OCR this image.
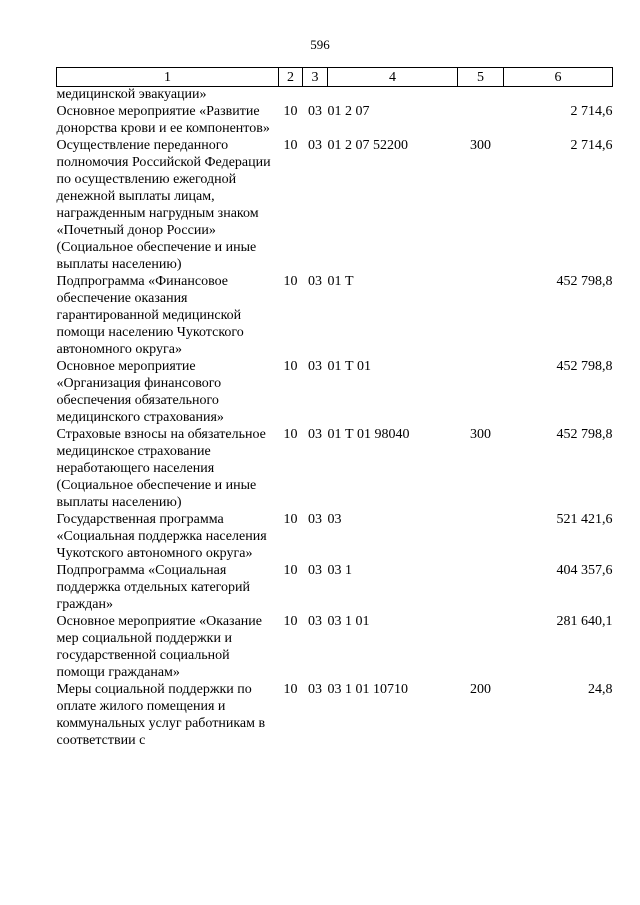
596
1	2	3	4	5	6
медицинской эвакуации»					
Основное мероприятие «Развитие донорства крови и ее компонентов»	10	03	01 2 07		2 714,6
Осуществление переданного полномочия Российской Федерации по осуществлению ежегодной денежной выплаты лицам, награжденным нагрудным знаком «Почетный донор России» (Социальное обеспечение и иные выплаты населению)	10	03	01 2 07 52200	300	2 714,6
Подпрограмма «Финансовое обеспечение оказания гарантированной медицинской помощи населению Чукотского автономного округа»	10	03	01 Т		452 798,8
Основное мероприятие «Организация финансового обеспечения обязательного медицинского страхования»	10	03	01 Т 01		452 798,8
Страховые взносы на обязательное медицинское страхование неработающего населения (Социальное обеспечение и иные выплаты населению)	10	03	01 Т 01 98040	300	452 798,8
Государственная программа «Социальная поддержка населения Чукотского автономного округа»	10	03	03		521 421,6
Подпрограмма «Социальная поддержка отдельных категорий граждан»	10	03	03 1		404 357,6
Основное мероприятие «Оказание мер социальной поддержки и государственной социальной помощи гражданам»	10	03	03 1 01		281 640,1
Меры социальной поддержки по оплате жилого помещения и коммунальных услуг работникам в соответствии с	10	03	03 1 01 10710	200	24,8
